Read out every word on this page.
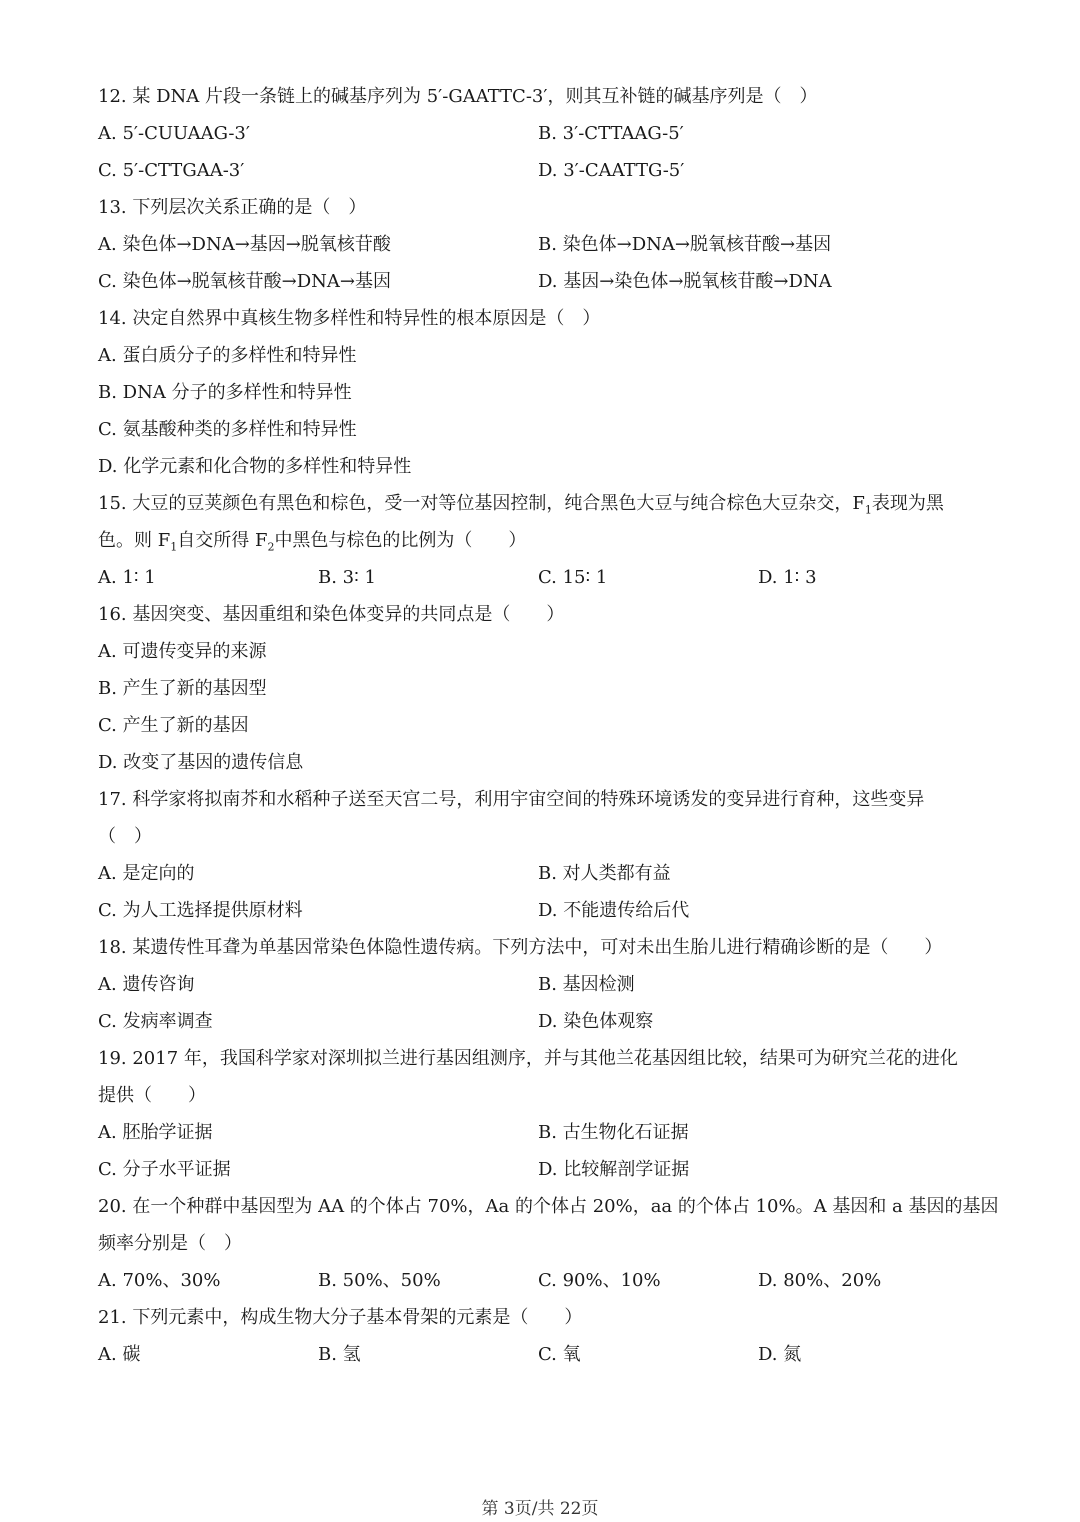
12. 某 DNA 片段一条链上的碱基序列为 5′-GAATTC-3′，则其互补链的碱基序列是（　）
A. 5′-CUUAAG-3′	B. 3′-CTTAAG-5′
C. 5′-CTTGAA-3′	D. 3′-CAATTG-5′
13. 下列层次关系正确的是（　）
A. 染色体→DNA→基因→脱氧核苷酸	B. 染色体→DNA→脱氧核苷酸→基因
C. 染色体→脱氧核苷酸→DNA→基因	D. 基因→染色体→脱氧核苷酸→DNA
14. 决定自然界中真核生物多样性和特异性的根本原因是（　）
A. 蛋白质分子的多样性和特异性
B. DNA 分子的多样性和特异性
C. 氨基酸种类的多样性和特异性
D. 化学元素和化合物的多样性和特异性
15. 大豆的豆荚颜色有黑色和棕色，受一对等位基因控制，纯合黑色大豆与纯合棕色大豆杂交，$F_1$表现为黑
色。则 $F_1$自交所得 $F_2$中黑色与棕色的比例为（　　）
A. 1∶ 1	B. 3∶ 1	C. 15∶ 1	D. 1∶ 3
16. 基因突变、基因重组和染色体变异的共同点是（　　）
A. 可遗传变异的来源
B. 产生了新的基因型
C. 产生了新的基因
D. 改变了基因的遗传信息
17. 科学家将拟南芥和水稻种子送至天宫二号，利用宇宙空间的特殊环境诱发的变异进行育种，这些变异
（　）
A. 是定向的	B. 对人类都有益
C. 为人工选择提供原材料	D. 不能遗传给后代
18. 某遗传性耳聋为单基因常染色体隐性遗传病。下列方法中，可对未出生胎儿进行精确诊断的是（　　）
A. 遗传咨询	B. 基因检测
C. 发病率调查	D. 染色体观察
19. 2017 年，我国科学家对深圳拟兰进行基因组测序，并与其他兰花基因组比较，结果可为研究兰花的进化
提供（　　）
A. 胚胎学证据	B. 古生物化石证据
C. 分子水平证据	D. 比较解剖学证据
20. 在一个种群中基因型为 AA 的个体占 70%，Aa 的个体占 20%，aa 的个体占 10%。A 基因和 a 基因的基因
频率分别是（　）
A. 70%、30%	B. 50%、50%	C. 90%、10%	D. 80%、20%
21. 下列元素中，构成生物大分子基本骨架的元素是（　　）
A. 碳	B. 氢	C. 氧	D. 氮
第 3页/共 22页
